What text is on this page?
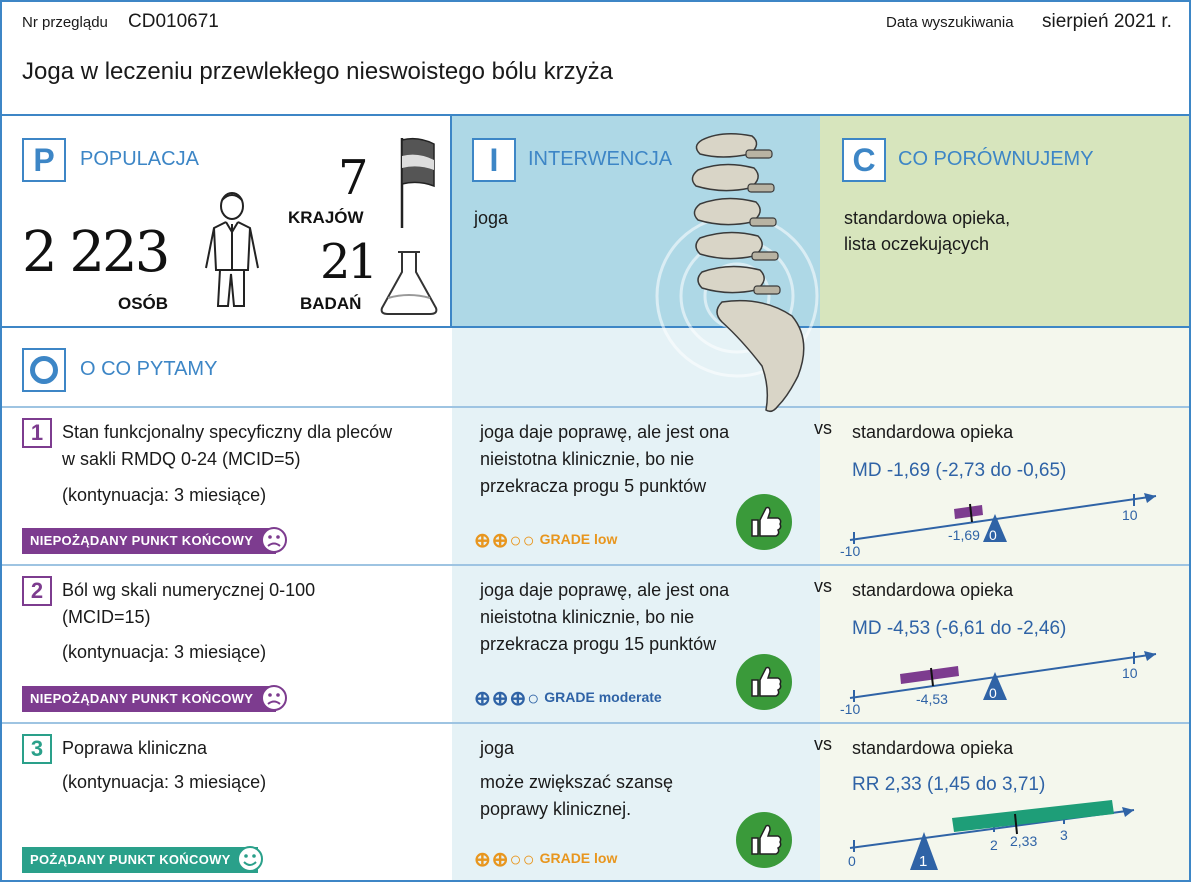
Nr przeglądu CD010671	Data wyszukiwania sierpień 2021 r.
Joga w leczeniu przewlekłego nieswoistego bólu krzyża
P	POPULACJA
2 223
OSÓB
7
KRAJÓW
21
BADAŃ
I	INTERWENCJA
joga
C	CO PORÓWNUJEMY
standardowa opieka,
lista oczekujących
O CO PYTAMY
1	Stan funkcjonalny specyficzny dla pleców
w sakli RMDQ 0-24 (MCID=5)
(kontynuacja: 3 miesiące)
NIEPOŻĄDANY PUNKT KOŃCOWY
joga daje poprawę, ale jest ona
nieistotna klinicznie, bo nie
przekracza progu 5 punktów
⊕⊕○○ GRADE low
vs standardowa opieka
MD -1,69 (-2,73 do -0,65)
-10
10
-1,69 0
2	Ból wg skali numerycznej 0-100
(MCID=15)
(kontynuacja: 3 miesiące)
NIEPOŻĄDANY PUNKT KOŃCOWY
joga daje poprawę, ale jest ona
nieistotna klinicznie, bo nie
przekracza progu 15 punktów
⊕⊕⊕○ GRADE moderate
vs standardowa opieka
MD -4,53 (-6,61 do -2,46)
-10
10
-4,53	0
3	Poprawa kliniczna
(kontynuacja: 3 miesiące)
POŻĄDANY PUNKT KOŃCOWY
joga
może zwiększać szansę
poprawy klinicznej.
⊕⊕○○ GRADE low
vs standardowa opieka
RR 2,33 (1,45 do 3,71)
0
2 2,33 3
1
